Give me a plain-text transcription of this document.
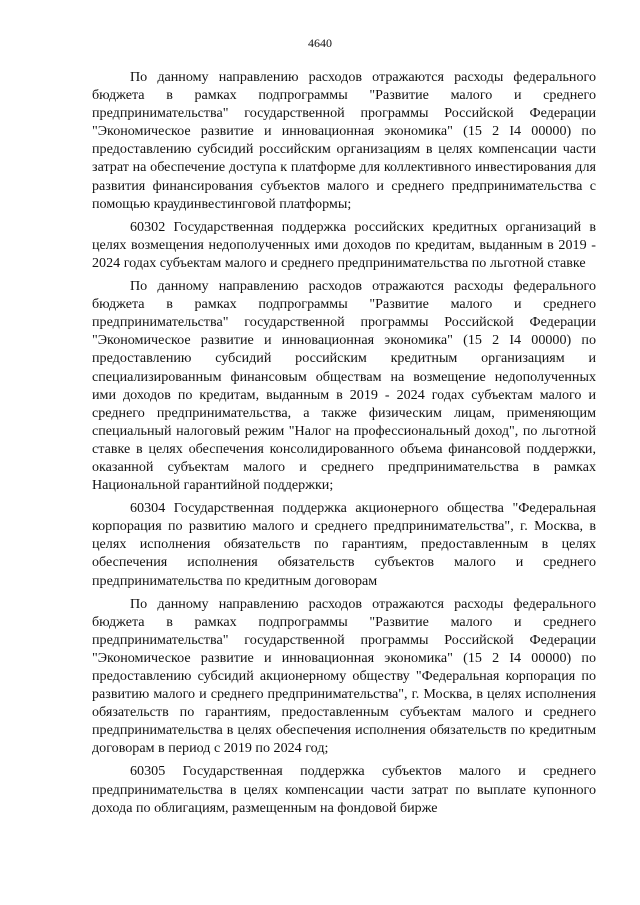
4640

По данному направлению расходов отражаются расходы федерального бюджета в рамках подпрограммы "Развитие малого и среднего предпринимательства" государственной программы Российской Федерации "Экономическое развитие и инновационная экономика" (15 2 I4 00000) по предоставлению субсидий российским организациям в целях компенсации части затрат на обеспечение доступа к платформе для коллективного инвестирования для развития финансирования субъектов малого и среднего предпринимательства с помощью краудинвестинговой платформы;

60302 Государственная поддержка российских кредитных организаций в целях возмещения недополученных ими доходов по кредитам, выданным в 2019 - 2024 годах субъектам малого и среднего предпринимательства по льготной ставке

По данному направлению расходов отражаются расходы федерального бюджета в рамках подпрограммы "Развитие малого и среднего предпринимательства" государственной программы Российской Федерации "Экономическое развитие и инновационная экономика" (15 2 I4 00000) по предоставлению субсидий российским кредитным организациям и специализированным финансовым обществам на возмещение недополученных ими доходов по кредитам, выданным в 2019 - 2024 годах субъектам малого и среднего предпринимательства, а также физическим лицам, применяющим специальный налоговый режим "Налог на профессиональный доход", по льготной ставке в целях обеспечения консолидированного объема финансовой поддержки, оказанной субъектам малого и среднего предпринимательства в рамках Национальной гарантийной поддержки;

60304 Государственная поддержка акционерного общества "Федеральная корпорация по развитию малого и среднего предпринимательства", г. Москва, в целях исполнения обязательств по гарантиям, предоставленным в целях обеспечения исполнения обязательств субъектов малого и среднего предпринимательства по кредитным договорам

По данному направлению расходов отражаются расходы федерального бюджета в рамках подпрограммы "Развитие малого и среднего предпринимательства" государственной программы Российской Федерации "Экономическое развитие и инновационная экономика" (15 2 I4 00000) по предоставлению субсидий акционерному обществу "Федеральная корпорация по развитию малого и среднего предпринимательства", г. Москва, в целях исполнения обязательств по гарантиям, предоставленным субъектам малого и среднего предпринимательства в целях обеспечения исполнения обязательств по кредитным договорам в период с 2019 по 2024 год;

60305 Государственная поддержка субъектов малого и среднего предпринимательства в целях компенсации части затрат по выплате купонного дохода по облигациям, размещенным на фондовой бирже
